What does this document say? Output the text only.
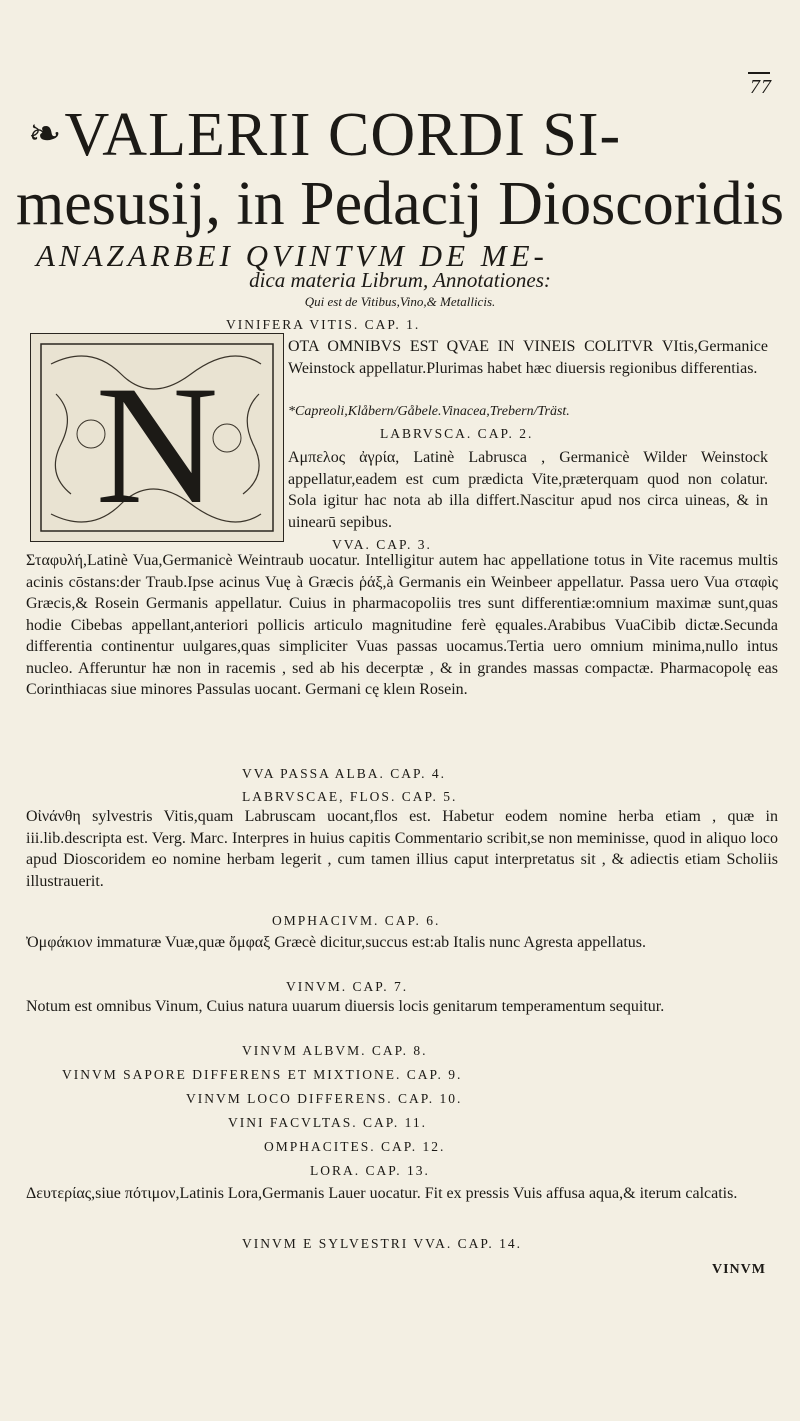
77
❧VALERII CORDI SI-
mesusij, in Pedacij Dioscoridis
ANAZARBEI QVINTVM DE ME-
dica materia Librum, Annotationes:
Qui est de Vitibus,Vino,& Metallicis.
VINIFERA VITIS. CAP. 1.
N
OTA OMNIBVS EST QVAE IN VINEIS COLITVR VItis,Germanice Weinstock appellatur.Plurimas habet hæc diuersis regionibus differentias.
*Capreoli,Klåbern/Gåbele.Vinacea,Trebern/Träst.
LABRVSCA. CAP. 2.
Αμπελος ἀγρία, Latinè Labrusca , Germanicè Wilder Weinstock appellatur,eadem est cum prædicta Vite,præterquam quod non colatur. Sola igitur hac nota ab illa differt.Nascitur apud nos circa uineas, & in uinearū sepibus.
VVA. CAP. 3.
Σταφυλή,Latinè Vua,Germanicè Weintraub uocatur. Intelligitur autem hac appellatione totus in Vite racemus multis acinis cōstans:der Traub.Ipse acinus Vuę à Græcis ῥάξ,à Germanis ein Weinbeer appellatur. Passa uero Vua σταφὶς Græcis,& Rosein Germanis appellatur. Cuius in pharmacopoliis tres sunt differentiæ:omnium maximæ sunt,quas hodie Cibebas appellant,anteriori pollicis articulo magnitudine ferè ęquales.Arabibus VuaCibib dictæ.Secunda differentia continentur uulgares,quas simpliciter Vuas passas uocamus.Tertia uero omnium minima,nullo intus nucleo. Afferuntur hæ non in racemis , sed ab his decerptæ , & in grandes massas compactæ. Pharmacopolę eas Corinthiacas siue minores Passulas uocant. Germani cę kleın Rosein.
VVA PASSA ALBA. CAP. 4.
LABRVSCAE, FLOS. CAP. 5.
Οἰνάνθη sylvestris Vitis,quam Labruscam uocant,flos est. Habetur eodem nomine herba etiam , quæ in iii.lib.descripta est. Verg. Marc. Interpres in huius capitis Commentario scribit,se non meminisse, quod in aliquo loco apud Dioscoridem eo nomine herbam legerit , cum tamen illius caput interpretatus sit , & adiectis etiam Scholiis illustrauerit.
OMPHACIVM. CAP. 6.
Ὀμφάκιον immaturæ Vuæ,quæ ὄμφαξ Græcè dicitur,succus est:ab Italis nunc Agresta appellatus.
VINVM. CAP. 7.
Notum est omnibus Vinum, Cuius natura uuarum diuersis locis genitarum temperamentum sequitur.
VINVM ALBVM. CAP. 8.
VINVM SAPORE DIFFERENS ET MIXTIONE. CAP. 9.
VINVM LOCO DIFFERENS. CAP. 10.
VINI FACVLTAS. CAP. 11.
OMPHACITES. CAP. 12.
LORA. CAP. 13.
Δευτερίας,siue πότιμον,Latinis Lora,Germanis Lauer uocatur. Fit ex pressis Vuis affusa aqua,& iterum calcatis.
VINVM E SYLVESTRI VVA. CAP. 14.
VINVM
